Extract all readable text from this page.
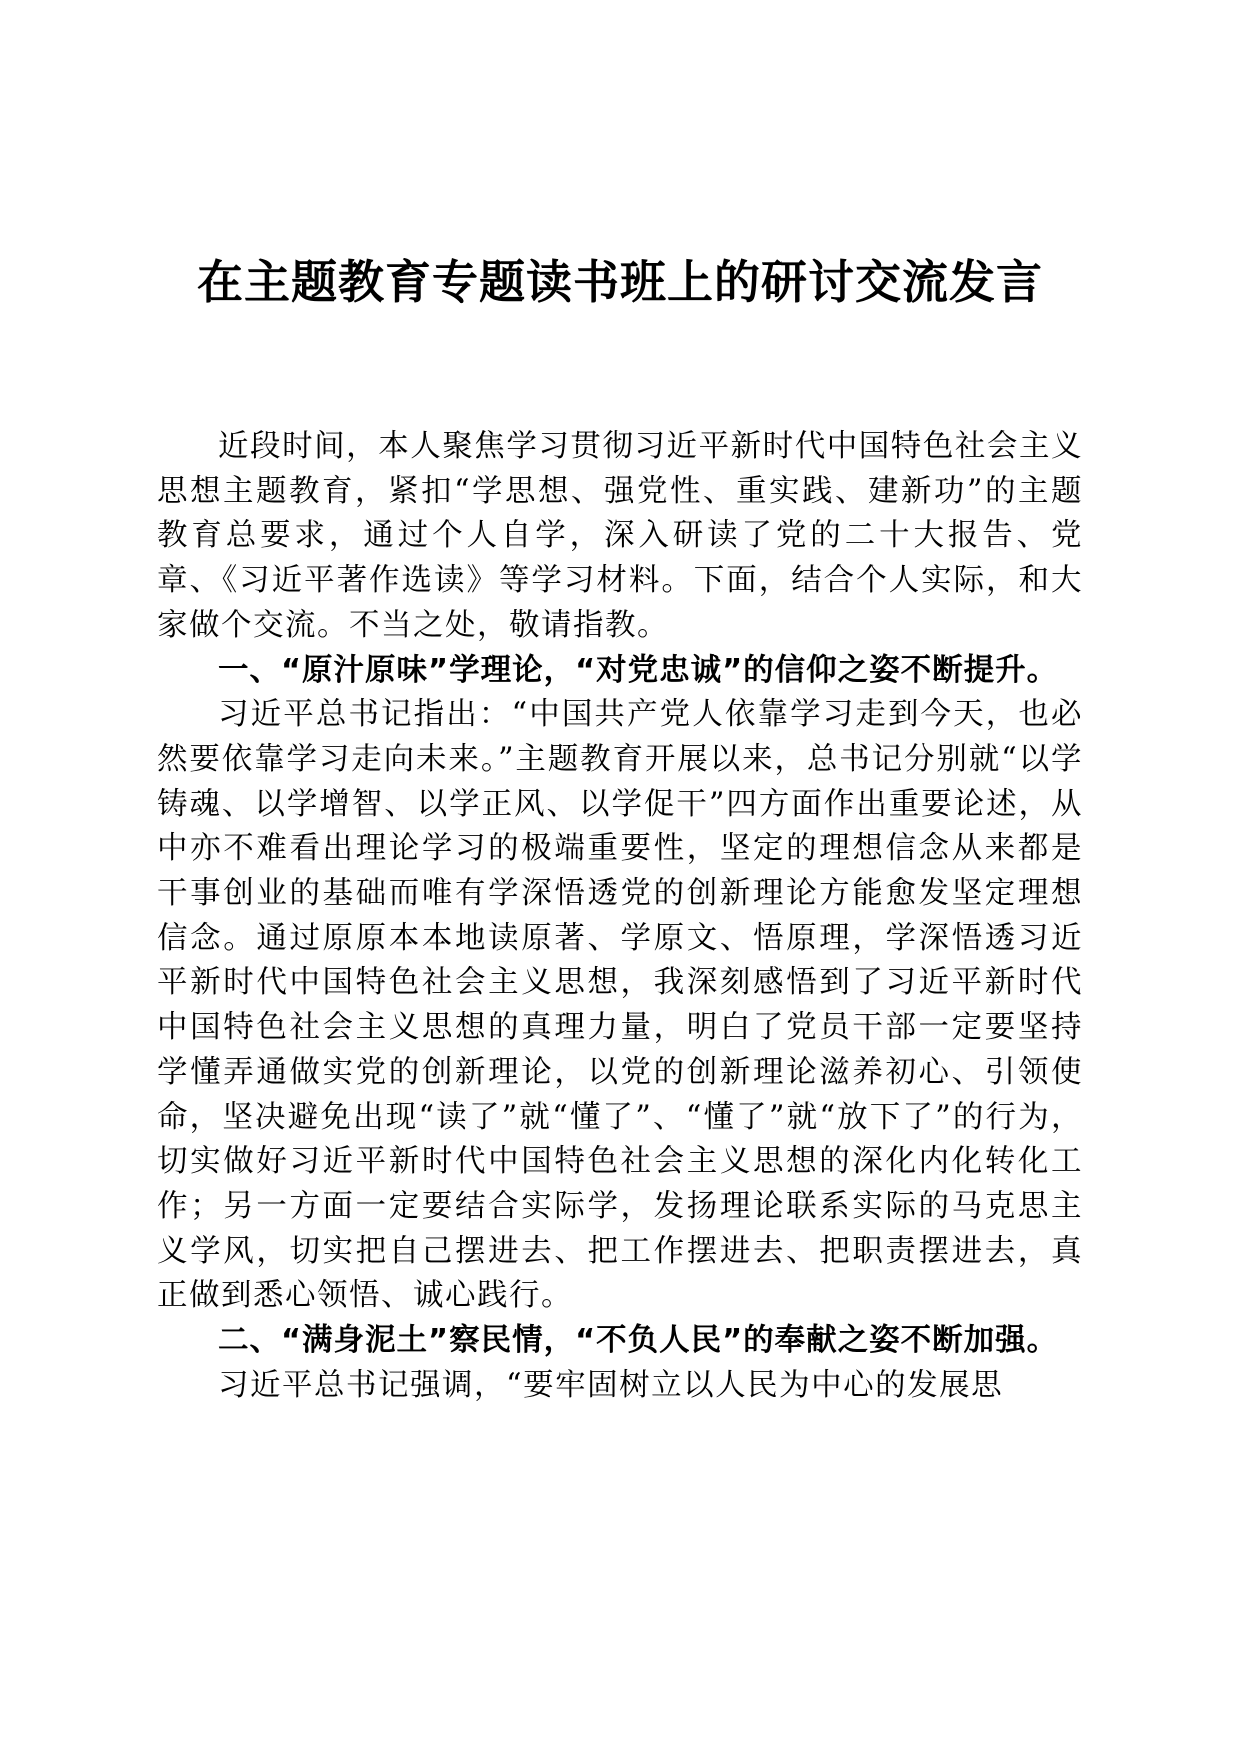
在主题教育专题读书班上的研讨交流发言

近段时间，本人聚焦学习贯彻习近平新时代中国特色社会主义思想主题教育，紧扣“学思想、强党性、重实践、建新功”的主题教育总要求，通过个人自学，深入研读了党的二十大报告、党章、《习近平著作选读》等学习材料。下面，结合个人实际，和大家做个交流。不当之处，敬请指教。

一、“原汁原味”学理论，“对党忠诚”的信仰之姿不断提升。

习近平总书记指出：“中国共产党人依靠学习走到今天，也必然要依靠学习走向未来。”主题教育开展以来，总书记分别就“以学铸魂、以学增智、以学正风、以学促干”四方面作出重要论述，从中亦不难看出理论学习的极端重要性，坚定的理想信念从来都是干事创业的基础而唯有学深悟透党的创新理论方能愈发坚定理想信念。通过原原本本地读原著、学原文、悟原理，学深悟透习近平新时代中国特色社会主义思想，我深刻感悟到了习近平新时代中国特色社会主义思想的真理力量，明白了党员干部一定要坚持学懂弄通做实党的创新理论，以党的创新理论滋养初心、引领使命，坚决避免出现“读了”就“懂了”、“懂了”就“放下了”的行为，切实做好习近平新时代中国特色社会主义思想的深化内化转化工作；另一方面一定要结合实际学，发扬理论联系实际的马克思主义学风，切实把自己摆进去、把工作摆进去、把职责摆进去，真正做到悉心领悟、诚心践行。

二、“满身泥土”察民情，“不负人民”的奉献之姿不断加强。

习近平总书记强调，“要牢固树立以人民为中心的发展思
